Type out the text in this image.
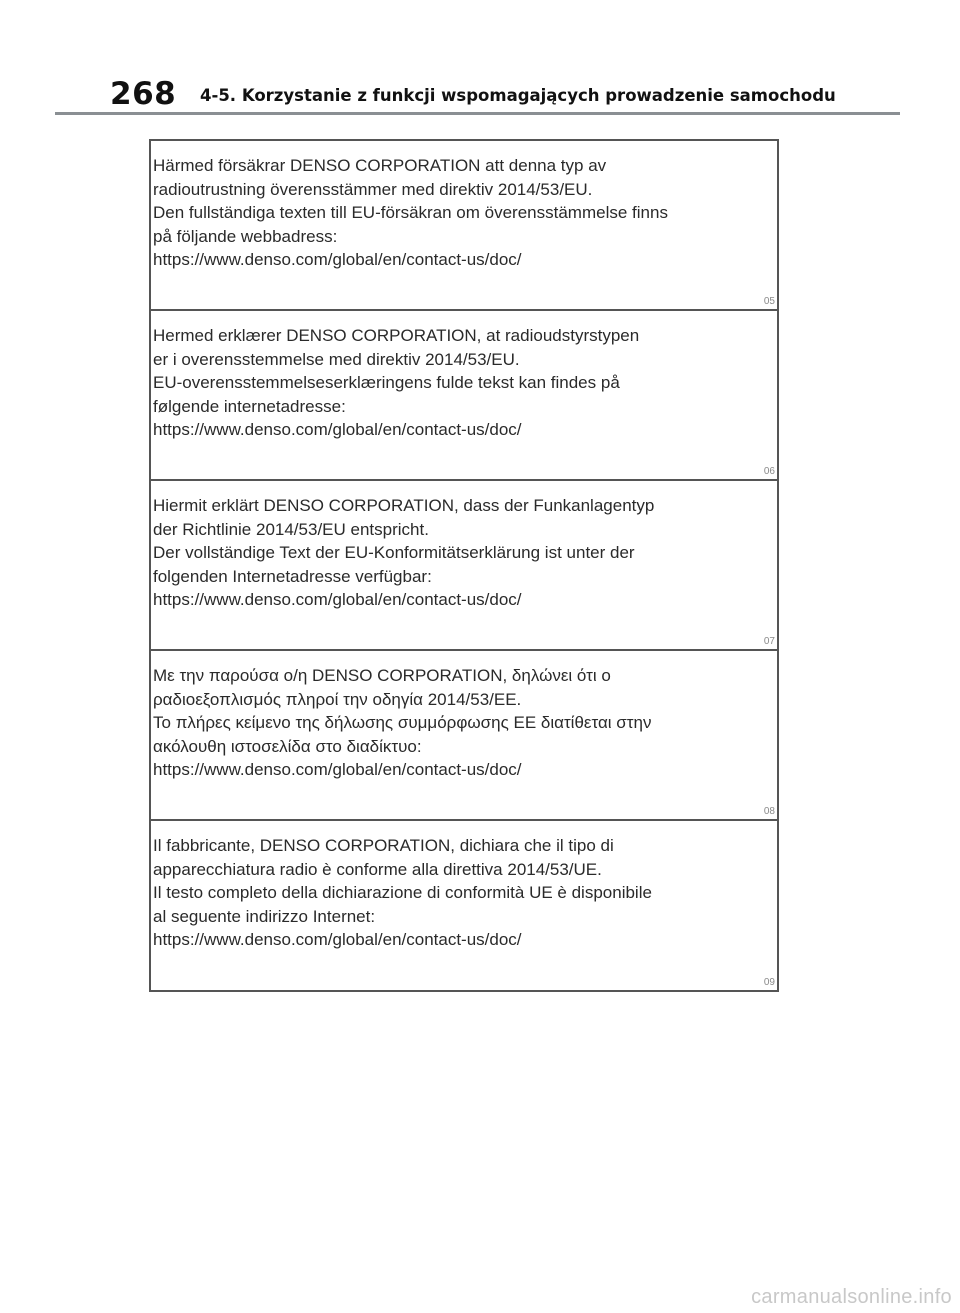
268 4-5. Korzystanie z funkcji wspomagających prowadzenie samochodu

Härmed försäkrar DENSO CORPORATION att denna typ av
radioutrustning överensstämmer med direktiv 2014/53/EU.
Den fullständiga texten till EU-försäkran om överensstämmelse finns
på följande webbadress:
https://www.denso.com/global/en/contact-us/doc/

05

Hermed erklærer DENSO CORPORATION, at radioudstyrstypen
er i overensstemmelse med direktiv 2014/53/EU.
EU-overensstemmelseserklæringens fulde tekst kan findes på
følgende internetadresse:
https://www.denso.com/global/en/contact-us/doc/

06

Hiermit erklärt DENSO CORPORATION, dass der Funkanlagentyp
der Richtlinie 2014/53/EU entspricht.
Der vollständige Text der EU-Konformitätserklärung ist unter der
folgenden Internetadresse verfügbar:
https://www.denso.com/global/en/contact-us/doc/

07

Με την παρούσα ο/η DENSO CORPORATION, δηλώνει ότι ο
ραδιοεξοπλισμός πληροί την οδηγία 2014/53/ΕΕ.
Το πλήρες κείμενο της δήλωσης συμμόρφωσης ΕΕ διατίθεται στην
ακόλουθη ιστοσελίδα στο διαδίκτυο:
https://www.denso.com/global/en/contact-us/doc/

08

Il fabbricante, DENSO CORPORATION, dichiara che il tipo di
apparecchiatura radio è conforme alla direttiva 2014/53/UE.
Il testo completo della dichiarazione di conformità UE è disponibile
al seguente indirizzo Internet:
https://www.denso.com/global/en/contact-us/doc/

09
carmanualsonline.info
